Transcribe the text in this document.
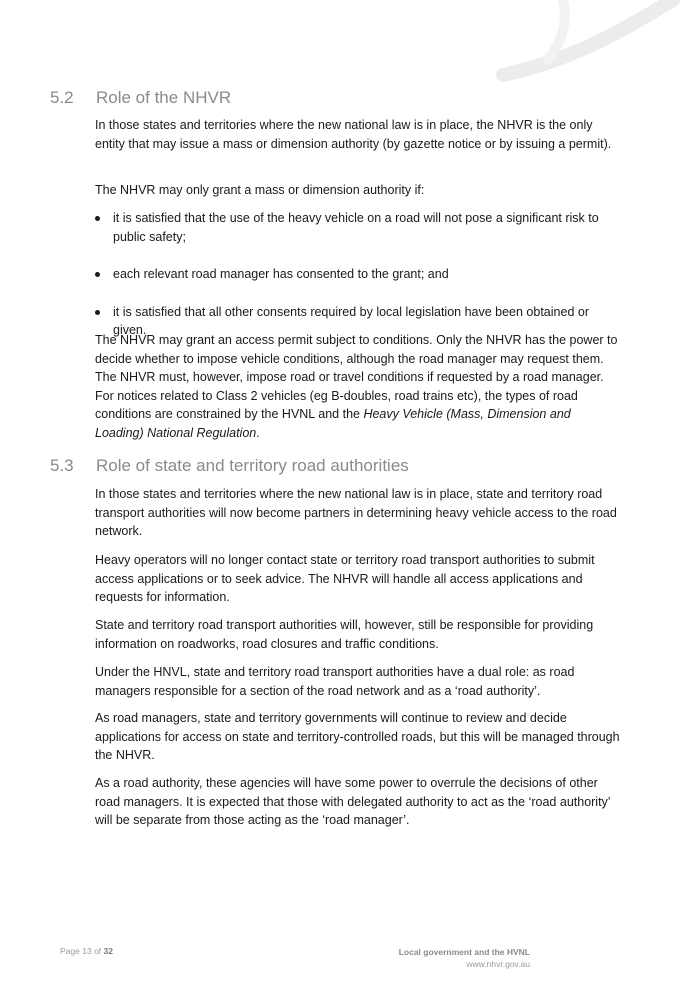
5.2 Role of the NHVR

In those states and territories where the new national law is in place, the NHVR is the only entity that may issue a mass or dimension authority (by gazette notice or by issuing a permit).

The NHVR may only grant a mass or dimension authority if:

it is satisfied that the use of the heavy vehicle on a road will not pose a significant risk to public safety;
each relevant road manager has consented to the grant; and
it is satisfied that all other consents required by local legislation have been obtained or given.

The NHVR may grant an access permit subject to conditions. Only the NHVR has the power to decide whether to impose vehicle conditions, although the road manager may request them. The NHVR must, however, impose road or travel conditions if requested by a road manager. For notices related to Class 2 vehicles (eg B-doubles, road trains etc), the types of road conditions are constrained by the HVNL and the Heavy Vehicle (Mass, Dimension and Loading) National Regulation.

5.3 Role of state and territory road authorities

In those states and territories where the new national law is in place, state and territory road transport authorities will now become partners in determining heavy vehicle access to the road network.

Heavy operators will no longer contact state or territory road transport authorities to submit access applications or to seek advice. The NHVR will handle all access applications and requests for information.

State and territory road transport authorities will, however, still be responsible for providing information on roadworks, road closures and traffic conditions.

Under the HNVL, state and territory road transport authorities have a dual role: as road managers responsible for a section of the road network and as a ‘road authority’.

As road managers, state and territory governments will continue to review and decide applications for access on state and territory-controlled roads, but this will be managed through the NHVR.

As a road authority, these agencies will have some power to overrule the decisions of other road managers. It is expected that those with delegated authority to act as the ‘road authority’ will be separate from those acting as the ‘road manager’.

Page 13 of 32	Local government and the HVNL
www.nhvr.gov.au
